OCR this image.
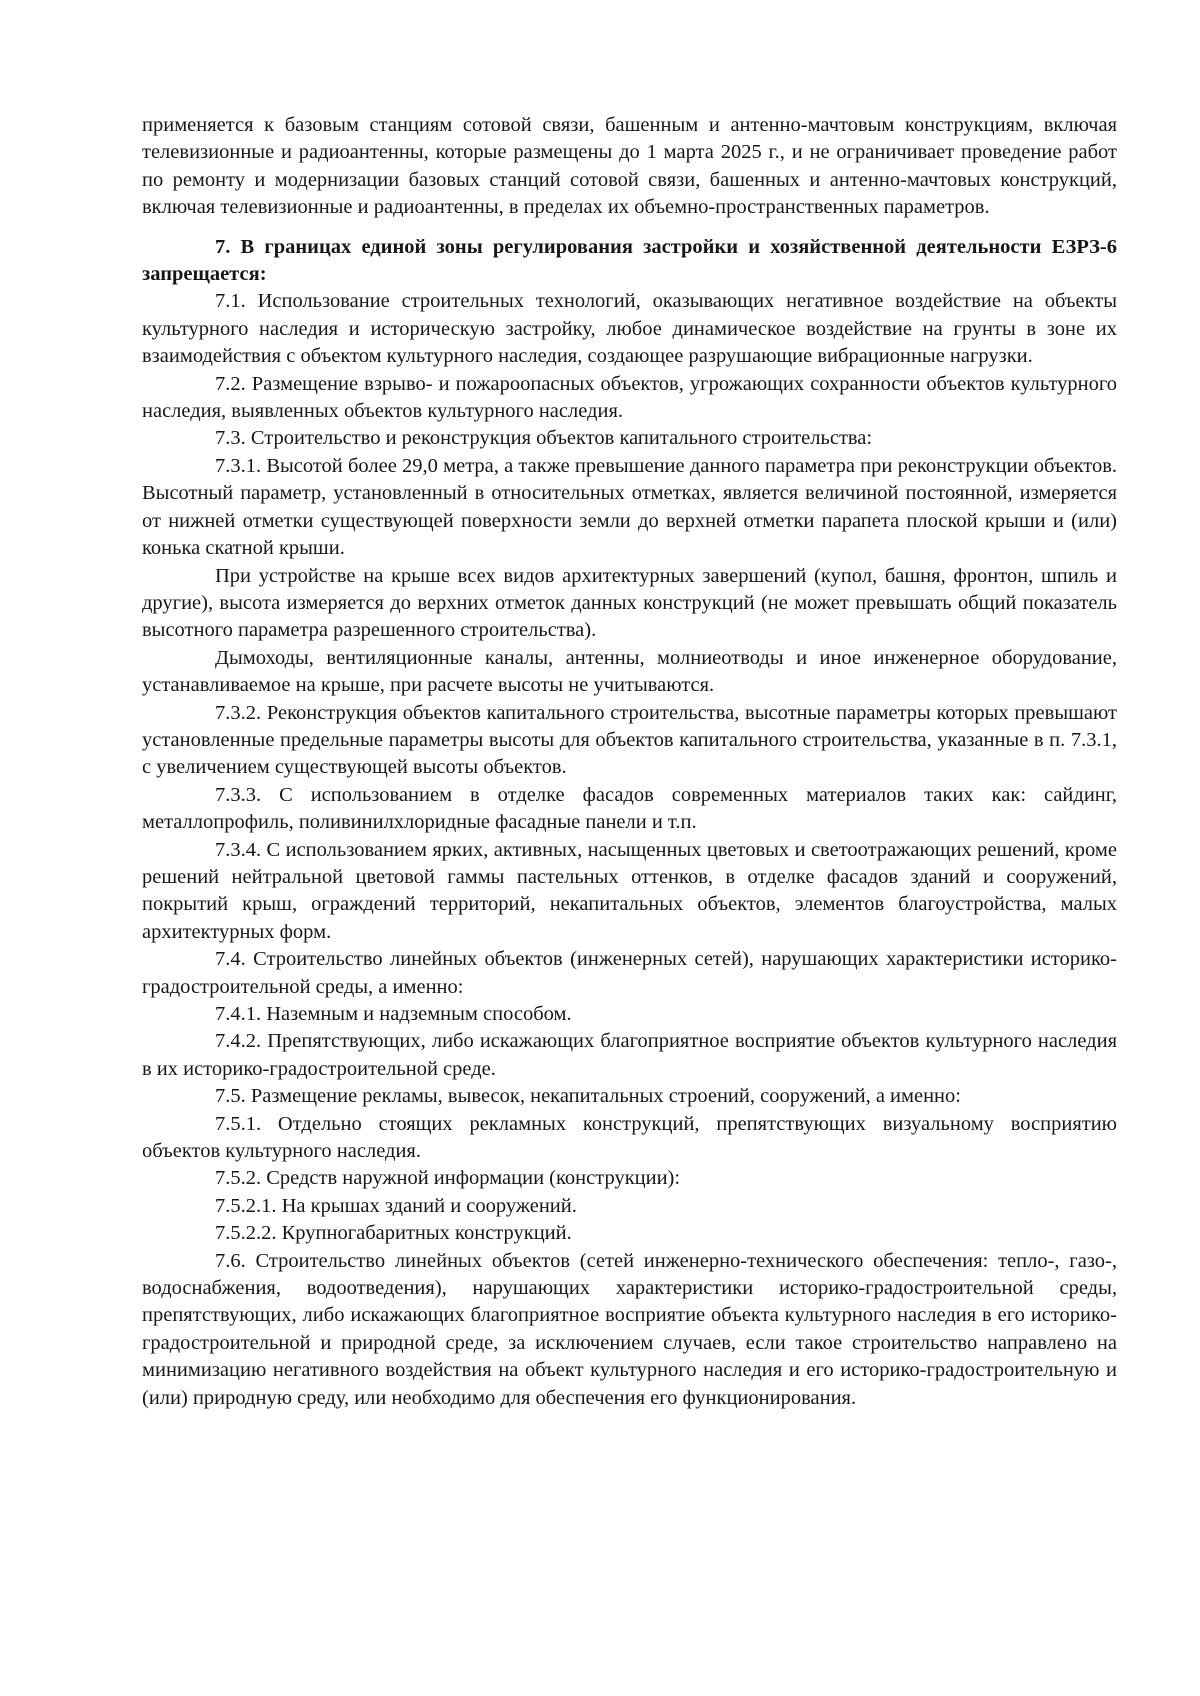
применяется к базовым станциям сотовой связи, башенным и антенно-мачтовым конструкциям, включая телевизионные и радиоантенны, которые размещены до 1 марта 2025 г., и не ограничивает проведение работ по ремонту и модернизации базовых станций сотовой связи, башенных и антенно-мачтовых конструкций, включая телевизионные и радиоантенны, в пределах их объемно-пространственных параметров.

7. В границах единой зоны регулирования застройки и хозяйственной деятельности ЕЗРЗ-6 запрещается:

7.1. Использование строительных технологий, оказывающих негативное воздействие на объекты культурного наследия и историческую застройку, любое динамическое воздействие на грунты в зоне их взаимодействия с объектом культурного наследия, создающее разрушающие вибрационные нагрузки.

7.2. Размещение взрыво- и пожароопасных объектов, угрожающих сохранности объектов культурного наследия, выявленных объектов культурного наследия.

7.3. Строительство и реконструкция объектов капитального строительства:

7.3.1. Высотой более 29,0 метра, а также превышение данного параметра при реконструкции объектов. Высотный параметр, установленный в относительных отметках, является величиной постоянной, измеряется от нижней отметки существующей поверхности земли до верхней отметки парапета плоской крыши и (или) конька скатной крыши.

При устройстве на крыше всех видов архитектурных завершений (купол, башня, фронтон, шпиль и другие), высота измеряется до верхних отметок данных конструкций (не может превышать общий показатель высотного параметра разрешенного строительства).

Дымоходы, вентиляционные каналы, антенны, молниеотводы и иное инженерное оборудование, устанавливаемое на крыше, при расчете высоты не учитываются.

7.3.2. Реконструкция объектов капитального строительства, высотные параметры которых превышают установленные предельные параметры высоты для объектов капитального строительства, указанные в п. 7.3.1, с увеличением существующей высоты объектов.

7.3.3. С использованием в отделке фасадов современных материалов таких как: сайдинг, металлопрофиль, поливинилхлоридные фасадные панели и т.п.

7.3.4. С использованием ярких, активных, насыщенных цветовых и светоотражающих решений, кроме решений нейтральной цветовой гаммы пастельных оттенков, в отделке фасадов зданий и сооружений, покрытий крыш, ограждений территорий, некапитальных объектов, элементов благоустройства, малых архитектурных форм.

7.4. Строительство линейных объектов (инженерных сетей), нарушающих характеристики историко-градостроительной среды, а именно:

7.4.1. Наземным и надземным способом.

7.4.2. Препятствующих, либо искажающих благоприятное восприятие объектов культурного наследия в их историко-градостроительной среде.

7.5. Размещение рекламы, вывесок, некапитальных строений, сооружений, а именно:

7.5.1. Отдельно стоящих рекламных конструкций, препятствующих визуальному восприятию объектов культурного наследия.

7.5.2. Средств наружной информации (конструкции):

7.5.2.1. На крышах зданий и сооружений.

7.5.2.2. Крупногабаритных конструкций.

7.6. Строительство линейных объектов (сетей инженерно-технического обеспечения: тепло-, газо-, водоснабжения, водоотведения), нарушающих характеристики историко-градостроительной среды, препятствующих, либо искажающих благоприятное восприятие объекта культурного наследия в его историко-градостроительной и природной среде, за исключением случаев, если такое строительство направлено на минимизацию негативного воздействия на объект культурного наследия и его историко-градостроительную и (или) природную среду, или необходимо для обеспечения его функционирования.
